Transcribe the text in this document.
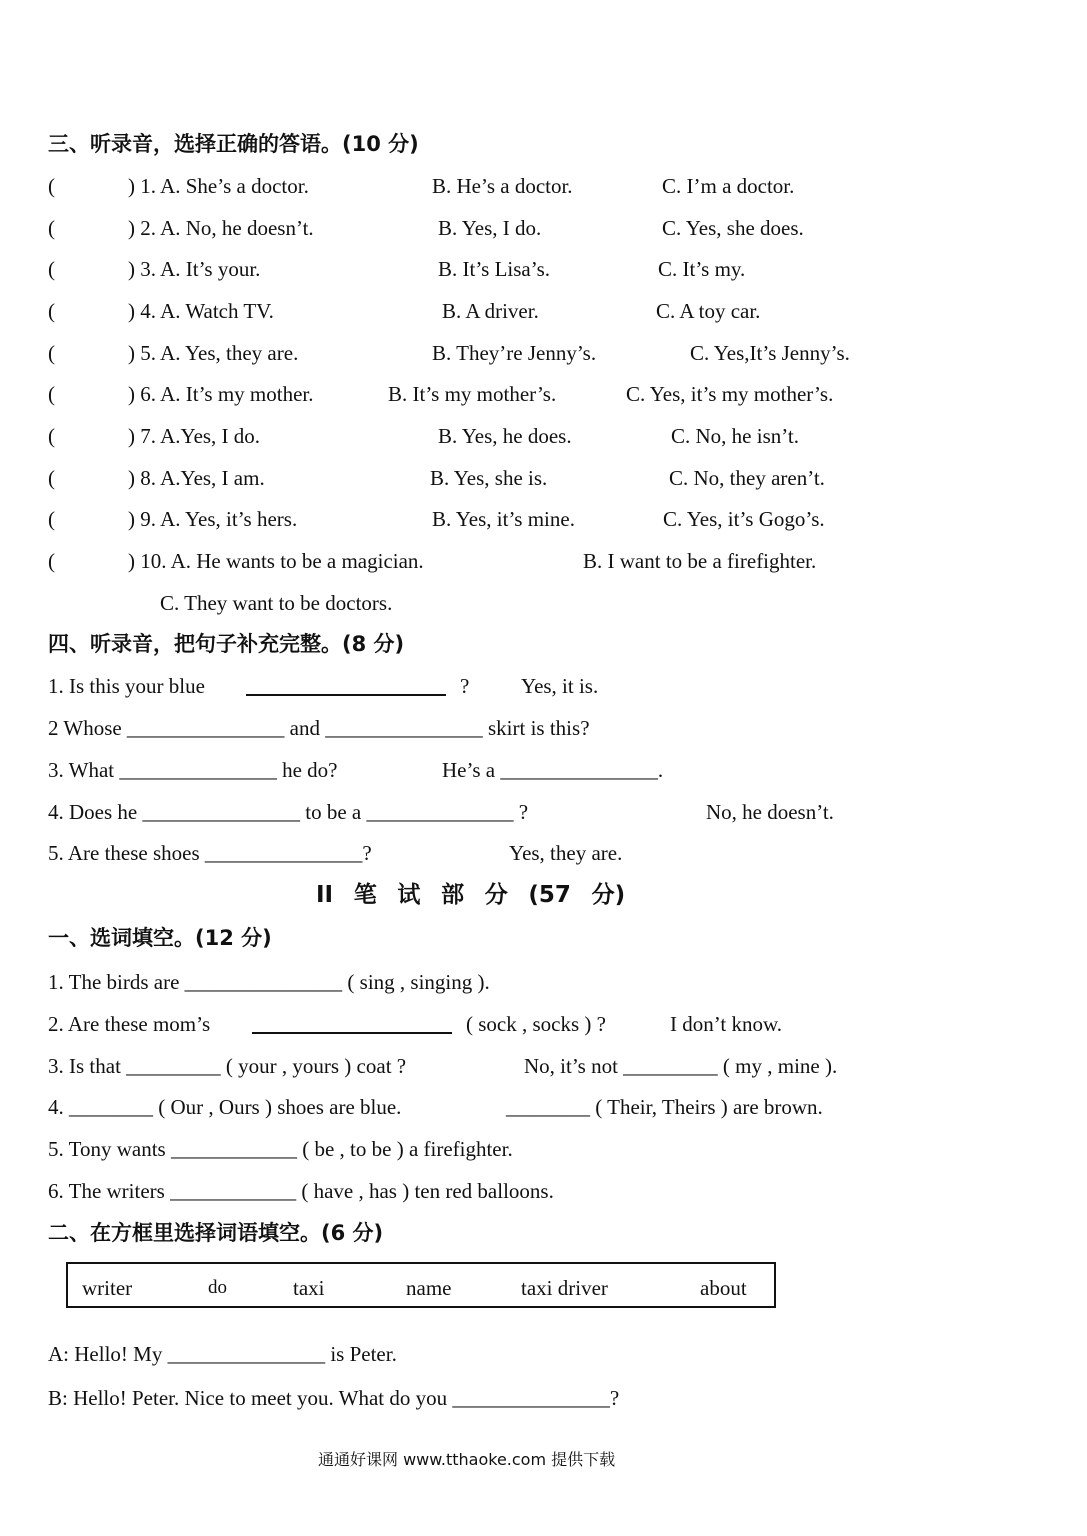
三、听录音，选择正确的答语。(10 分)
(	) 1. A. She’s a doctor.	B. He’s a doctor.	C. I’m a doctor.
(	) 2. A. No, he doesn’t.	B. Yes, I do.	C. Yes, she does.
(	) 3. A. It’s your.	B. It’s Lisa’s.	C. It’s my.
(	) 4. A. Watch TV.	B. A driver.	C. A toy car.
(	) 5. A. Yes, they are.	B. They’re Jenny’s.	C. Yes,It’s Jenny’s.
(	) 6. A. It’s my mother.	B. It’s my mother’s.	C. Yes, it’s my mother’s.
(	) 7. A.Yes, I do.	B. Yes, he does.	C. No, he isn’t.
(	) 8. A.Yes, I am.	B. Yes, she is.	C. No, they aren’t.
(	) 9. A. Yes, it’s hers.	B. Yes, it’s mine.	C. Yes, it’s Gogo’s.
(	) 10. A. He wants to be a magician.	B. I want to be a firefighter.
C. They want to be doctors.
四、听录音，把句子补充完整。(8 分)
1. Is this your blue	? Yes, it is.
2 Whose _______________ and _______________ skirt is this?
3. What _______________ he do?	He’s a _______________.
4. Does he _______________ to be a ______________ ?	No, he doesn’t.
5. Are these shoes _______________?	Yes, they are.
II 笔 试 部 分 (57 分)
一、选词填空。(12 分)
1. The birds are _______________ ( sing , singing ).
2. Are these mom’s	( sock , socks ) ?	I don’t know.
3. Is that _________ ( your , yours ) coat ?	No, it’s not _________ ( my , mine ).
4. ________ ( Our , Ours ) shoes are blue.	________ ( Their, Theirs ) are brown.
5. Tony wants ____________ ( be , to be ) a firefighter.
6. The writers ____________ ( have , has ) ten red balloons.
二、在方框里选择词语填空。(6 分)
writer	do	taxi	name	taxi driver	about
A: Hello! My _______________ is Peter.
B: Hello! Peter. Nice to meet you. What do you _______________?
通通好课网 www.tthaoke.com 提供下载
